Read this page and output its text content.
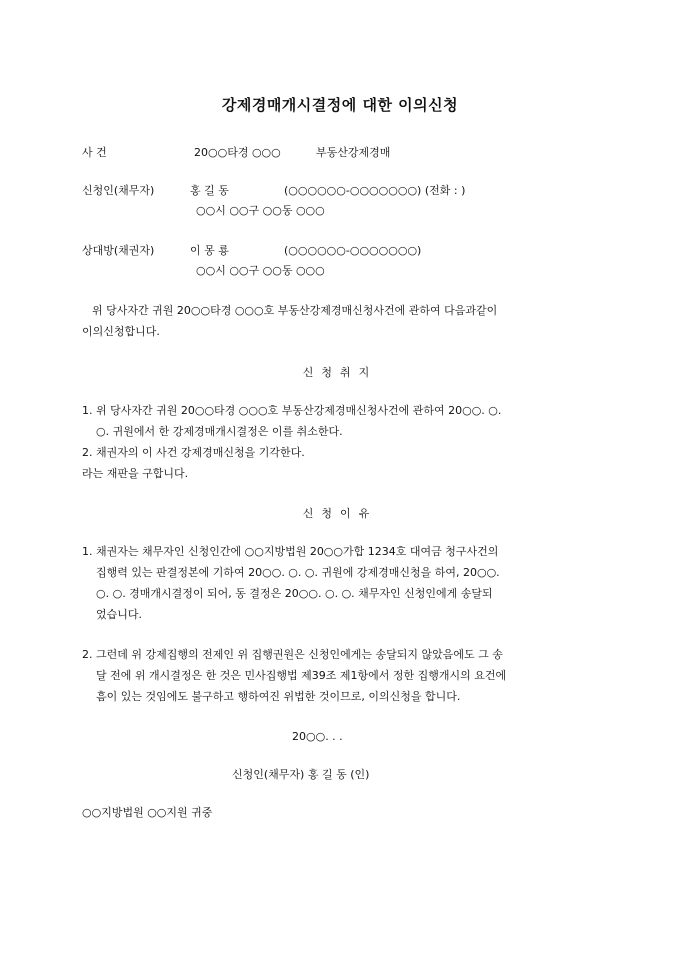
강제경매개시결정에 대한 이의신청
사 건	20○○타경 ○○○	부동산강제경매
신청인(채무자)	홍 길 동	(○○○○○○-○○○○○○○) (전화 : )
○○시 ○○구 ○○동 ○○○
상대방(채권자)	이 몽 룡	(○○○○○○-○○○○○○○)
○○시 ○○구 ○○동 ○○○
위 당사자간 귀원 20○○타경 ○○○호 부동산강제경매신청사건에 관하여 다음과같이
이의신청합니다.
신청취지
1. 위 당사자간 귀원 20○○타경 ○○○호 부동산강제경매신청사건에 관하여 20○○. ○.
○. 귀원에서 한 강제경매개시결정은 이를 취소한다.
2. 채권자의 이 사건 강제경매신청을 기각한다.
라는 재판을 구합니다.
신청이유
1. 채권자는 채무자인 신청인간에 ○○지방법원 20○○가합 1234호 대여금 청구사건의
집행력 있는 판결정본에 기하여 20○○. ○. ○. 귀원에 강제경매신청을 하여, 20○○.
○. ○. 경매개시결정이 되어, 동 결정은 20○○. ○. ○. 채무자인 신청인에게 송달되
었습니다.
2. 그런데 위 강제집행의 전제인 위 집행권원은 신청인에게는 송달되지 않았음에도 그 송
달 전에 위 개시결정은 한 것은 민사집행법 제39조 제1항에서 정한 집행개시의 요건에
흠이 있는 것임에도 불구하고 행하여진 위법한 것이므로, 이의신청을 합니다.
20○○. . .
신청인(채무자) 홍 길 동 (인)
○○지방법원 ○○지원 귀중
